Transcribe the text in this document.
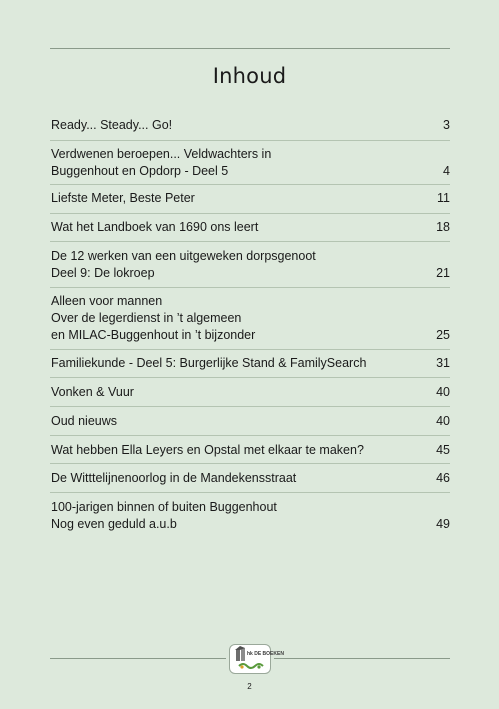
Inhoud
Ready... Steady... Go!	3
Verdwenen beroepen... Veldwachters in
Buggenhout en Opdorp - Deel 5	4
Liefste Meter, Beste Peter	11
Wat het Landboek van 1690 ons leert	18
De 12 werken van een uitgeweken dorpsgenoot
Deel 9: De lokroep	21
Alleen voor mannen
Over de legerdienst in ’t algemeen
en MILAC-Buggenhout in ’t bijzonder	25
Familiekunde - Deel 5: Burgerlijke Stand & FamilySearch	31
Vonken & Vuur	40
Oud nieuws	40
Wat hebben Ella Leyers en Opstal met elkaar te maken?	45
De Witttelijnenoorlog in de Mandekensstraat	46
100-jarigen binnen of buiten Buggenhout
Nog even geduld a.u.b	49
hk DE BOEKEN
2
